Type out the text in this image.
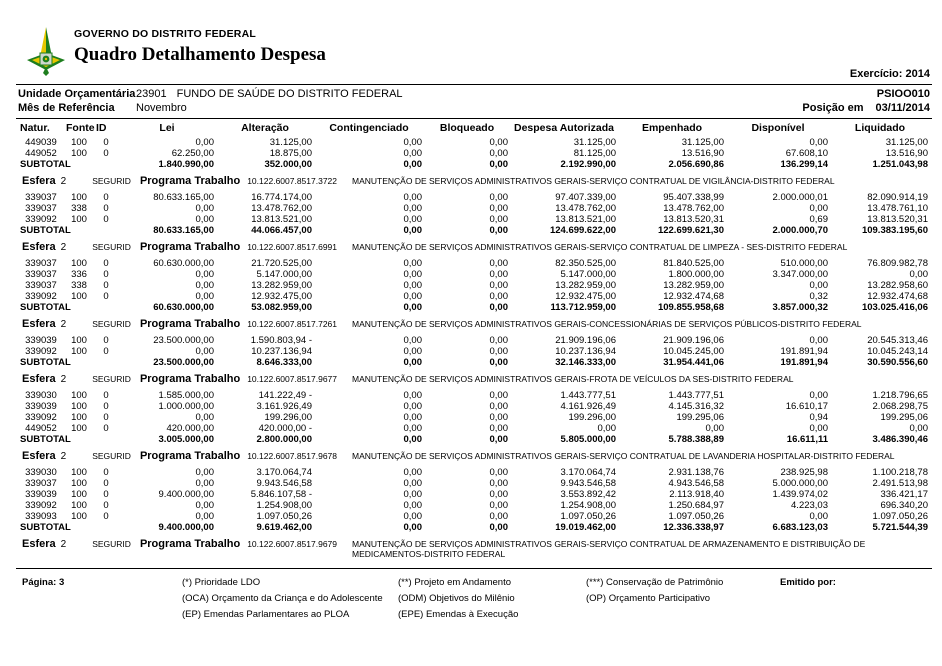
GOVERNO DO DISTRITO FEDERAL
Quadro Detalhamento Despesa
Exercício: 2014
Unidade Orçamentária 23901 FUNDO DE SAÚDE DO DISTRITO FEDERAL	PSIOO010
Mês de Referência	Novembro	Posição em 03/11/2014
Natur.	Fonte	ID	Lei	Alteração	Contingenciado	Bloqueado	Despesa Autorizada	Empenhado	Disponível	Liquidado
449039	100	0	0,00	31.125,00	0,00	0,00	31.125,00	31.125,00	0,00	31.125,00
449052	100	0	62.250,00	18.875,00	0,00	0,00	81.125,00	13.516,90	67.608,10	13.516,90
SUBTOTAL			1.840.990,00	352.000,00	0,00	0,00	2.192.990,00	2.056.690,86	136.299,14	1.251.043,98

Esfera 2	SEGURID Programa Trabalho 10.122.6007.8517.3722 MANUTENÇÃO DE SERVIÇOS ADMINISTRATIVOS GERAIS-SERVIÇO CONTRATUAL DE VIGILÂNCIA-DISTRITO FEDERAL

339037	100	0	80.633.165,00	16.774.174,00	0,00	0,00	97.407.339,00	95.407.338,99	2.000.000,01	82.090.914,19
339037	338	0	0,00	13.478.762,00	0,00	0,00	13.478.762,00	13.478.762,00	0,00	13.478.761,10
339092	100	0	0,00	13.813.521,00	0,00	0,00	13.813.521,00	13.813.520,31	0,69	13.813.520,31
SUBTOTAL			80.633.165,00	44.066.457,00	0,00	0,00	124.699.622,00	122.699.621,30	2.000.000,70	109.383.195,60

Esfera 2	SEGURID Programa Trabalho 10.122.6007.8517.6991 MANUTENÇÃO DE SERVIÇOS ADMINISTRATIVOS GERAIS-SERVIÇO CONTRATUAL DE LIMPEZA - SES-DISTRITO FEDERAL

339037	100	0	60.630.000,00	21.720.525,00	0,00	0,00	82.350.525,00	81.840.525,00	510.000,00	76.809.982,78
339037	336	0	0,00	5.147.000,00	0,00	0,00	5.147.000,00	1.800.000,00	3.347.000,00	0,00
339037	338	0	0,00	13.282.959,00	0,00	0,00	13.282.959,00	13.282.959,00	0,00	13.282.958,60
339092	100	0	0,00	12.932.475,00	0,00	0,00	12.932.475,00	12.932.474,68	0,32	12.932.474,68
SUBTOTAL			60.630.000,00	53.082.959,00	0,00	0,00	113.712.959,00	109.855.958,68	3.857.000,32	103.025.416,06

Esfera 2	SEGURID Programa Trabalho 10.122.6007.8517.7261 MANUTENÇÃO DE SERVIÇOS ADMINISTRATIVOS GERAIS-CONCESSIONÁRIAS DE SERVIÇOS PÚBLICOS-DISTRITO FEDERAL

339039	100	0	23.500.000,00	1.590.803,94 -	0,00	0,00	21.909.196,06	21.909.196,06	0,00	20.545.313,46
339092	100	0	0,00	10.237.136,94	0,00	0,00	10.237.136,94	10.045.245,00	191.891,94	10.045.243,14
SUBTOTAL			23.500.000,00	8.646.333,00	0,00	0,00	32.146.333,00	31.954.441,06	191.891,94	30.590.556,60

Esfera 2	SEGURID Programa Trabalho 10.122.6007.8517.9677 MANUTENÇÃO DE SERVIÇOS ADMINISTRATIVOS GERAIS-FROTA DE VEÍCULOS DA SES-DISTRITO FEDERAL

339030	100	0	1.585.000,00	141.222,49 -	0,00	0,00	1.443.777,51	1.443.777,51	0,00	1.218.796,65
339039	100	0	1.000.000,00	3.161.926,49	0,00	0,00	4.161.926,49	4.145.316,32	16.610,17	2.068.298,75
339092	100	0	0,00	199.296,00	0,00	0,00	199.296,00	199.295,06	0,94	199.295,06
449052	100	0	420.000,00	420.000,00 -	0,00	0,00	0,00	0,00	0,00	0,00
SUBTOTAL			3.005.000,00	2.800.000,00	0,00	0,00	5.805.000,00	5.788.388,89	16.611,11	3.486.390,46

Esfera 2	SEGURID Programa Trabalho 10.122.6007.8517.9678 MANUTENÇÃO DE SERVIÇOS ADMINISTRATIVOS GERAIS-SERVIÇO CONTRATUAL DE LAVANDERIA HOSPITALAR-DISTRITO FEDERAL

339030	100	0	0,00	3.170.064,74	0,00	0,00	3.170.064,74	2.931.138,76	238.925,98	1.100.218,78
339037	100	0	0,00	9.943.546,58	0,00	0,00	9.943.546,58	4.943.546,58	5.000.000,00	2.491.513,98
339039	100	0	9.400.000,00	5.846.107,58 -	0,00	0,00	3.553.892,42	2.113.918,40	1.439.974,02	336.421,17
339092	100	0	0,00	1.254.908,00	0,00	0,00	1.254.908,00	1.250.684,97	4.223,03	696.340,20
339093	100	0	0,00	1.097.050,26	0,00	0,00	1.097.050,26	1.097.050,26	0,00	1.097.050,26
SUBTOTAL			9.400.000,00	9.619.462,00	0,00	0,00	19.019.462,00	12.336.338,97	6.683.123,03	5.721.544,39

Esfera 2	SEGURID Programa Trabalho 10.122.6007.8517.9679 MANUTENÇÃO DE SERVIÇOS ADMINISTRATIVOS GERAIS-SERVIÇO CONTRATUAL DE ARMAZENAMENTO E DISTRIBUIÇÃO DE MEDICAMENTOS-DISTRITO FEDERAL
Página: 3	(*) Prioridade LDO
(OCA) Orçamento da Criança e do Adolescente
(EP) Emendas Parlamentares ao PLOA
(**) Projeto em Andamento
(ODM) Objetivos do Milênio
(EPE) Emendas à Execução
(***) Conservação de Patrimônio
(OP) Orçamento Participativo
Emitido por:
